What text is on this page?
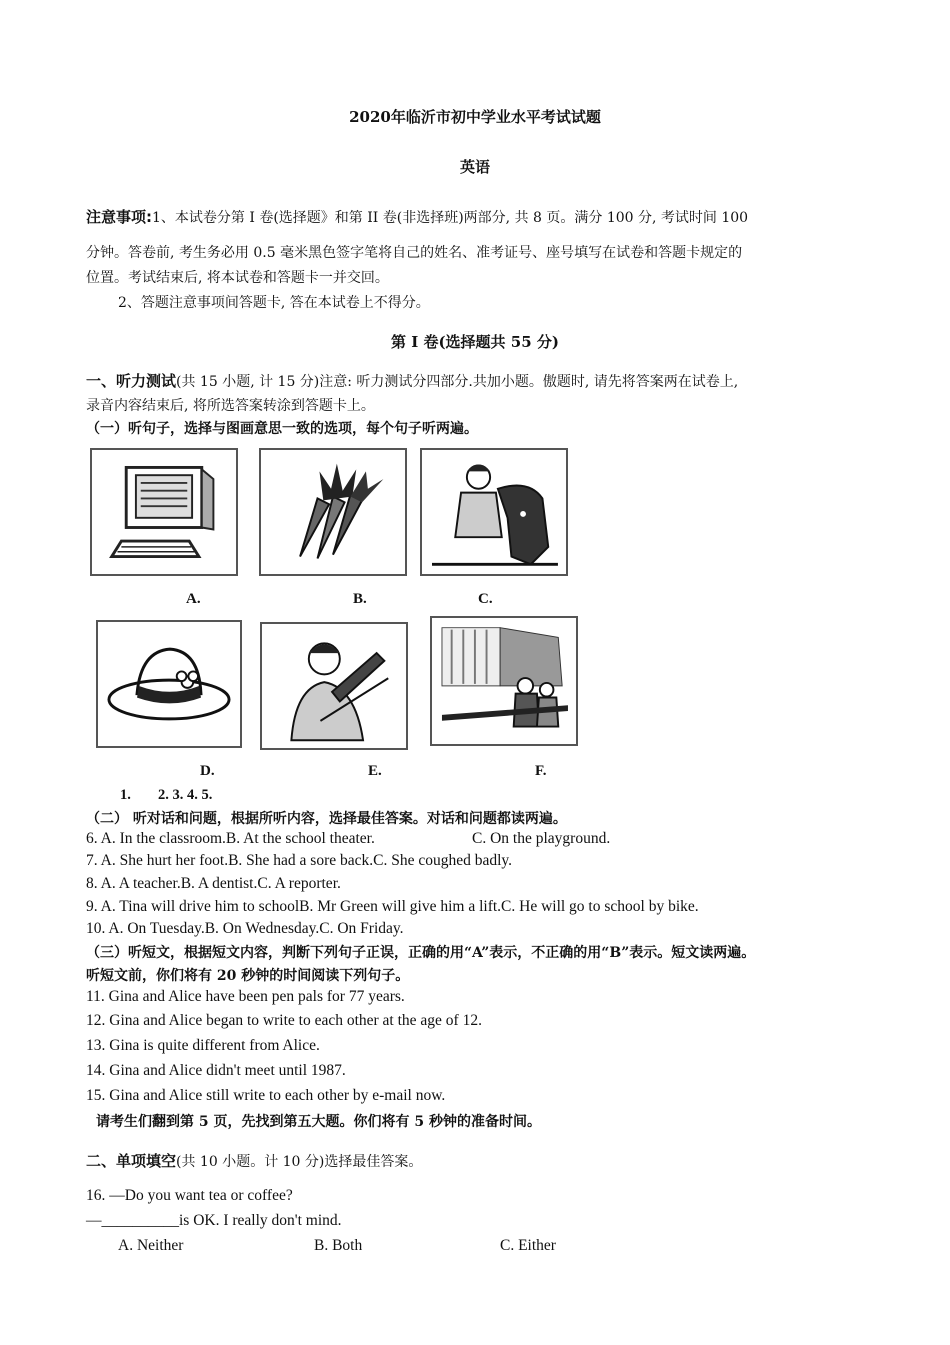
2020年临沂市初中学业水平考试试题
英语
注意事项:1、本试卷分第 I 卷(选择题》和第 II 卷(非选择班)两部分, 共 8 页。满分 100 分, 考试时间 100
分钟。答卷前, 考生务必用 0.5 毫米黑色签字笔将自己的姓名、准考证号、座号填写在试卷和答题卡规定的
位置。考试结束后, 将本试卷和答题卡一并交回。
2、答题注意事项间答题卡, 答在本试卷上不得分。
第 I 卷(选择题共 55 分)
一、听力测试(共 15 小题, 计 15 分)注意: 听力测试分四部分.共加小题。傲题时, 请先将答案两在试卷上,
录音内容结束后, 将所选答案转涂到答题卡上。
（一）听句子，选择与图画意思一致的选项，每个句子听两遍。
A.	B.	C.
D.	E.	F.
1. 2. 3. 4. 5.
（二） 听对话和问题，根据所听内容，选择最佳答案。对话和问题都读两遍。
6. A. In the classroom.B. At the school theater.	C. On the playground.
7. A. She hurt her foot.B. She had a sore back.C. She coughed badly.
8. A. A teacher.B. A dentist.C. A reporter.
9. A. Tina will drive him to schoolB. Mr Green will give him a lift.C. He will go to school by bike.
10. A. On Tuesday.B. On Wednesday.C. On Friday.
（三）听短文，根据短文内容，判断下列句子正误，正确的用“A”表示，不正确的用“B”表示。短文读两遍。
听短文前，你们将有 20 秒钟的时间阅读下列句子。
11. Gina and Alice have been pen pals for 77 years.
12. Gina and Alice began to write to each other at the age of 12.
13. Gina is quite different from Alice.
14. Gina and Alice didn't meet until 1987.
15. Gina and Alice still write to each other by e-mail now.
请考生们翻到第 5 页，先找到第五大题。你们将有 5 秒钟的准备时间。
二、单项填空(共 10 小题。计 10 分)选择最佳答案。
16. —Do you want tea or coffee?
—__________is OK. I really don't mind.
A. Neither	B. Both	C. Either
